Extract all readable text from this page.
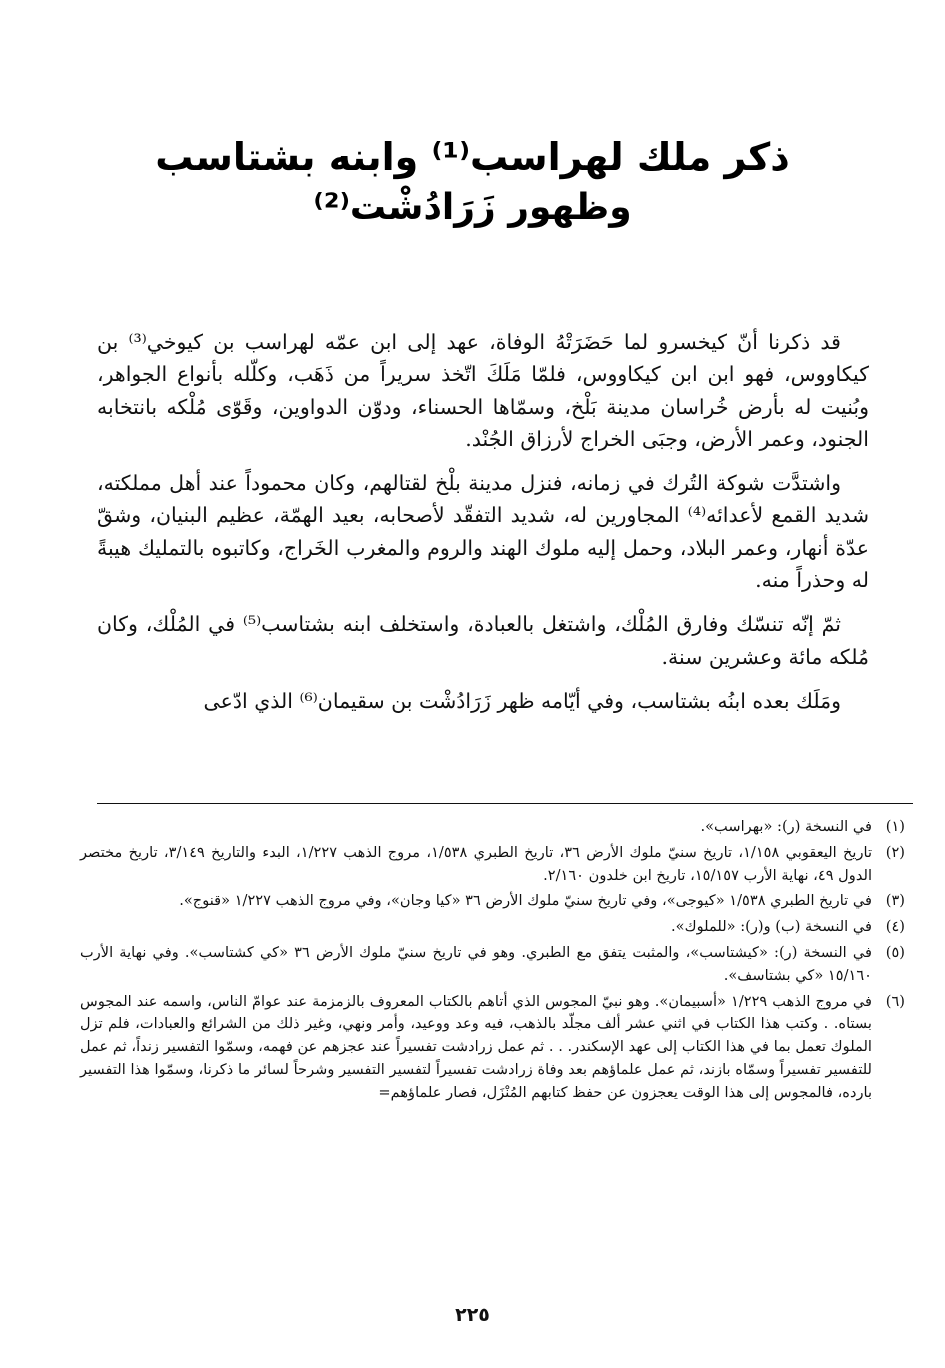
ذكر ملك لهراسب⁽¹⁾ وابنه بشتاسب
وظهور زَرَادُشْت⁽²⁾

قد ذكرنا أنّ كيخسرو لما حَضَرَتْهُ الوفاة، عهد إلى ابن عمّه لهراسب بن كيوخي⁽³⁾ بن كيكاووس، فهو ابن ابن كيكاووس، فلمّا مَلَكَ اتّخذ سريراً من ذَهَب، وكلّله بأنواع الجواهر، وبُنيت له بأرض خُراسان مدينة بَلْخ، وسمّاها الحسناء، ودوّن الدواوين، وقَوّى مُلْكه بانتخابه الجنود، وعمر الأرض، وجبَى الخراج لأرزاق الجُنْد.

واشتدَّت شوكة التُرك في زمانه، فنزل مدينة بلْخ لقتالهم، وكان محموداً عند أهل مملكته، شديد القمع لأعدائه⁽⁴⁾ المجاورين له، شديد التفقّد لأصحابه، بعيد الهمّة، عظيم البنيان، وشقّ عدّة أنهار، وعمر البلاد، وحمل إليه ملوك الهند والروم والمغرب الخَراج، وكاتبوه بالتمليك هيبةً له وحذراً منه.

ثمّ إنّه تنسّك وفارق المُلْك، واشتغل بالعبادة، واستخلف ابنه بشتاسب⁽⁵⁾ في المُلْك، وكان مُلكه مائة وعشرين سنة.

ومَلَك بعده ابنُه بشتاسب، وفي أيّامه ظهر زَرَادُشْت بن سقيمان⁽⁶⁾ الذي ادّعى

(١)
في النسخة (ر): «بهراسب».
(٢)
تاريخ اليعقوبي ١/١٥٨، تاريخ سنيّ ملوك الأرض ٣٦، تاريخ الطبري ١/٥٣٨، مروج الذهب ١/٢٢٧، البدء والتاريخ ٣/١٤٩، تاريخ مختصر الدول ٤٩، نهاية الأرب ١٥/١٥٧، تاريخ ابن خلدون ٢/١٦٠.
(٣)
في تاريخ الطبري ١/٥٣٨ «كيوجى»، وفي تاريخ سنيّ ملوك الأرض ٣٦ «كيا وجان»، وفي مروج الذهب ١/٢٢٧ «قنوج».
(٤)
في النسخة (ب) و(ر): «للملوك».
(٥)
في النسخة (ر): «كيشتاسب»، والمثبت يتفق مع الطبري. وهو في تاريخ سنيّ ملوك الأرض ٣٦ «كي كشتاسب». وفي نهاية الأرب ١٥/١٦٠ «كي بشتاسف».
(٦)
في مروج الذهب ١/٢٢٩ «أسبيمان». وهو نبيّ المجوس الذي أتاهم بالكتاب المعروف بالزمزمة عند عوامّ الناس، واسمه عند المجوس بستاه. . وكتب هذا الكتاب في اثني عشر ألف مجلّد بالذهب، فيه وعد ووعيد، وأمر ونهي، وغير ذلك من الشرائع والعبادات، فلم تزل الملوك تعمل بما في هذا الكتاب إلى عهد الإسكندر. . . ثم عمل زرادشت تفسيراً عند عجزهم عن فهمه، وسمّوا التفسير زنداً، ثم عمل للتفسير تفسيراً وسمّاه بازند، ثم عمل علماؤهم بعد وفاة زرادشت تفسيراً لتفسير التفسير وشرحاً لسائر ما ذكرنا، وسمّوا هذا التفسير بارده، فالمجوس إلى هذا الوقت يعجزون عن حفظ كتابهم المُنْزَل، فصار علماؤهم=
٢٢٥
